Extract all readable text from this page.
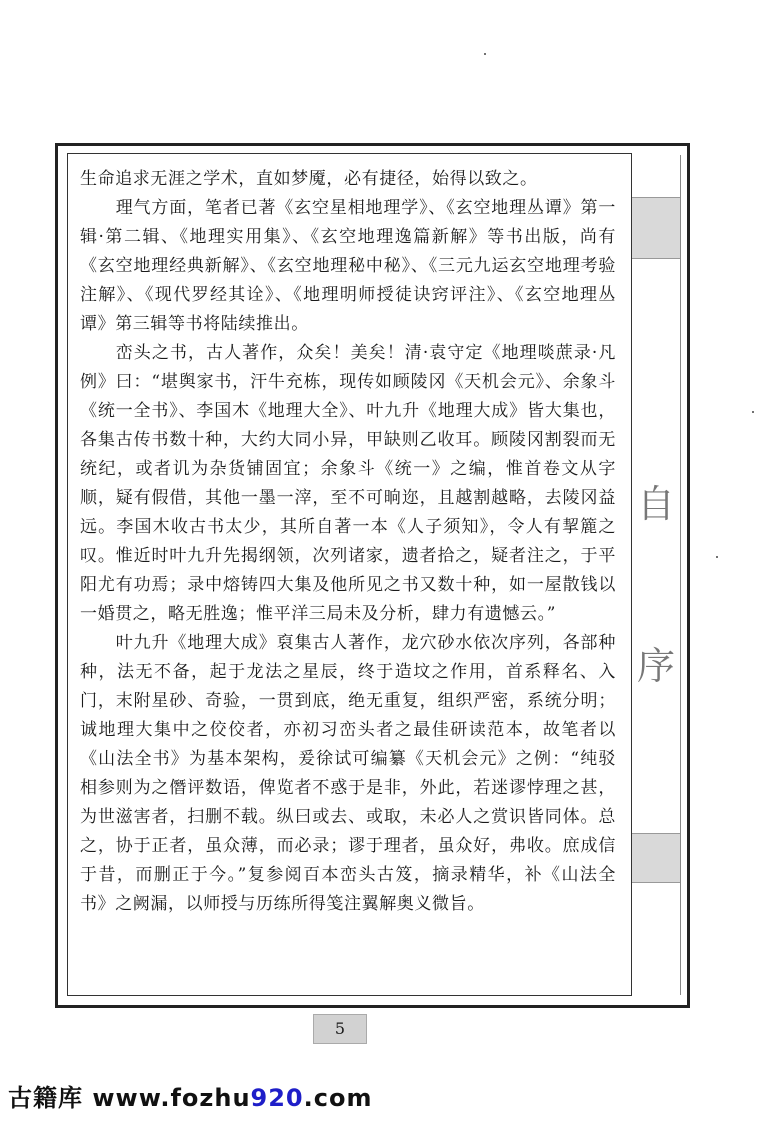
自
序

生命追求无涯之学术，直如梦魇，必有捷径，始得以致之。

理气方面，笔者已著《玄空星相地理学》、《玄空地理丛谭》第一辑·第二辑、《地理实用集》、《玄空地理逸篇新解》等书出版，尚有《玄空地理经典新解》、《玄空地理秘中秘》、《三元九运玄空地理考验注解》、《现代罗经其诠》、《地理明师授徒诀窍评注》、《玄空地理丛谭》第三辑等书将陆续推出。

峦头之书，古人著作，众矣！美矣！清·袁守定《地理啖蔗录·凡例》曰：“堪舆家书，汗牛充栋，现传如顾陵冈《天机会元》、余象斗《统一全书》、李国木《地理大全》、叶九升《地理大成》皆大集也，各集古传书数十种，大约大同小异，甲缺则乙收耳。顾陵冈割裂而无统纪，或者讥为杂货铺固宜；余象斗《统一》之编，惟首卷文从字顺，疑有假借，其他一墨一滓，至不可晌迩，且越割越略，去陵冈益远。李国木收古书太少，其所自著一本《人子须知》，令人有挈簏之叹。惟近时叶九升先揭纲领，次列诸家，遗者拾之，疑者注之，于平阳尤有功焉；录中熔铸四大集及他所见之书又数十种，如一屋散钱以一婚贯之，略无胜逸；惟平洋三局未及分析，肆力有遗憾云。”

叶九升《地理大成》裒集古人著作，龙穴砂水依次序列，各部种种，法无不备，起于龙法之星辰，终于造坟之作用，首系释名、入门，末附星砂、奇验，一贯到底，绝无重复，组织严密，系统分明；诚地理大集中之佼佼者，亦初习峦头者之最佳研读范本，故笔者以《山法全书》为基本架构，爰徐试可编纂《天机会元》之例：“纯驳相参则为之僭评数语，俾览者不惑于是非，外此，若迷谬悖理之甚，为世滋害者，扫删不载。纵曰或去、或取，未必人之赏识皆同体。总之，协于正者，虽众薄，而必录；谬于理者，虽众好，弗收。庶成信于昔，而删正于今。”复参阅百本峦头古笈，摘录精华，补《山法全书》之阙漏，以师授与历练所得笺注翼解奥义微旨。

5
古籍库 www.fozhu920.com
